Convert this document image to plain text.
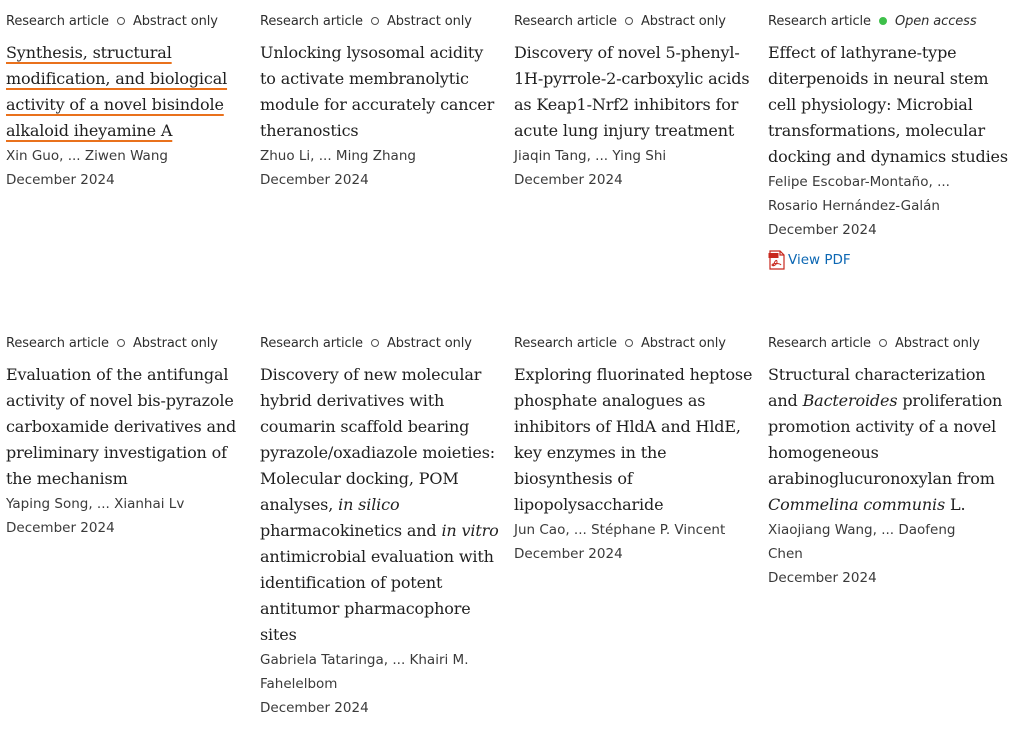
Research article Abstract only
Synthesis, structural
modification, and biological
activity of a novel bisindole
alkaloid iheyamine A
Xin Guo, ... Ziwen Wang
December 2024
Research article Abstract only
Unlocking lysosomal acidity
to activate membranolytic
module for accurately cancer
theranostics
Zhuo Li, ... Ming Zhang
December 2024
Research article Abstract only
Discovery of novel 5-phenyl-
1H-pyrrole-2-carboxylic acids
as Keap1-Nrf2 inhibitors for
acute lung injury treatment
Jiaqin Tang, ... Ying Shi
December 2024
Research article Open access
Effect of lathyrane-type
diterpenoids in neural stem
cell physiology: Microbial
transformations, molecular
docking and dynamics studies
Felipe Escobar-Montaño, ...
Rosario Hernández-Galán
December 2024
View PDF
Research article Abstract only
Evaluation of the antifungal
activity of novel bis-pyrazole
carboxamide derivatives and
preliminary investigation of
the mechanism
Yaping Song, ... Xianhai Lv
December 2024
Research article Abstract only
Discovery of new molecular
hybrid derivatives with
coumarin scaffold bearing
pyrazole/oxadiazole moieties:
Molecular docking, POM
analyses, in silico
pharmacokinetics and in vitro
antimicrobial evaluation with
identification of potent
antitumor pharmacophore
sites
Gabriela Tataringa, ... Khairi M.
Fahelelbom
December 2024
Research article Abstract only
Exploring fluorinated heptose
phosphate analogues as
inhibitors of HldA and HldE,
key enzymes in the
biosynthesis of
lipopolysaccharide
Jun Cao, ... Stéphane P. Vincent
December 2024
Research article Abstract only
Structural characterization
and Bacteroides proliferation
promotion activity of a novel
homogeneous
arabinoglucuronoxylan from
Commelina communis L.
Xiaojiang Wang, ... Daofeng
Chen
December 2024
